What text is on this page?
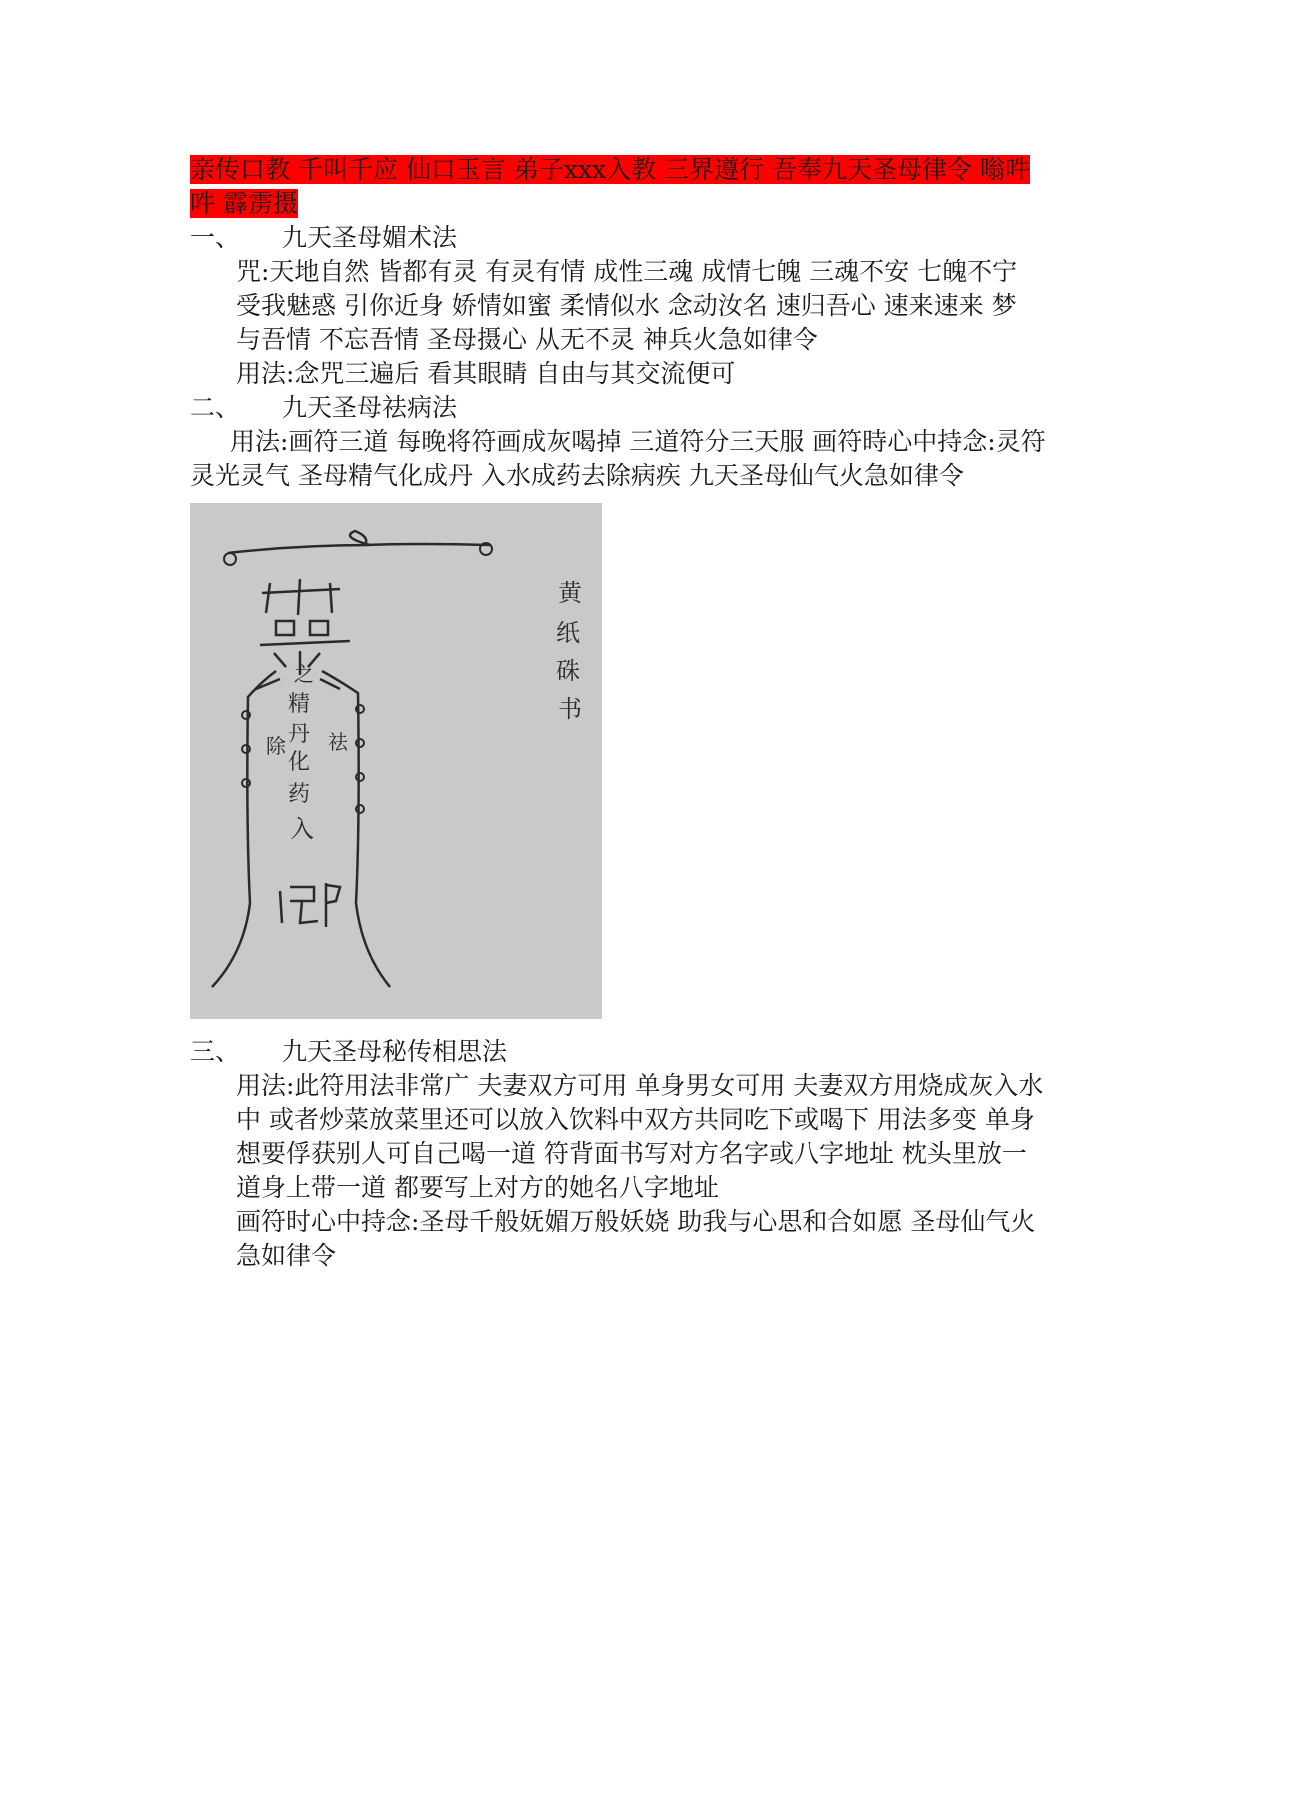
亲传口教 千叫千应 仙口玉言 弟子xxx入教 三界遵行 吾奉九天圣母律令 嗡吽
吽 霹雳摄
一、	九天圣母媚术法
咒:天地自然 皆都有灵 有灵有情 成性三魂 成情七魄 三魂不安 七魄不宁
受我魅惑 引你近身 娇情如蜜 柔情似水 念动汝名 速归吾心 速来速来 梦
与吾情 不忘吾情 圣母摄心 从无不灵 神兵火急如律令
用法:念咒三遍后 看其眼睛 自由与其交流便可
二、	九天圣母祛病法
用法:画符三道 每晚将符画成灰喝掉 三道符分三天服 画符時心中持念:灵符
灵光灵气 圣母精气化成丹 入水成药去除病疾 九天圣母仙气火急如律令
之
精
丹
化
药
入
除 祛
黄
纸
硃
书
三、	九天圣母秘传相思法
用法:此符用法非常广 夫妻双方可用 单身男女可用 夫妻双方用烧成灰入水
中 或者炒菜放菜里还可以放入饮料中双方共同吃下或喝下 用法多变 单身
想要俘获别人可自己喝一道 符背面书写对方名字或八字地址 枕头里放一
道身上带一道 都要写上对方的她名八字地址
画符时心中持念:圣母千般妩媚万般妖娆 助我与心思和合如愿 圣母仙气火
急如律令
